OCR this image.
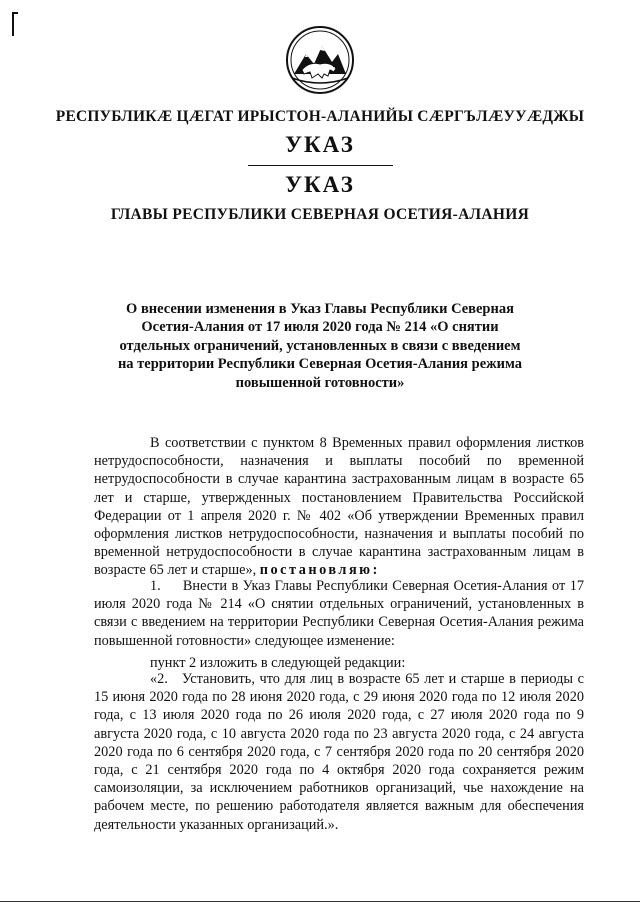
РЕСПУБЛИКӔ ЦӔГАТ ИРЫСТОН-АЛАНИЙЫ СӔРГЪЛӔУУӔДЖЫ
УКАЗ
УКАЗ
ГЛАВЫ РЕСПУБЛИКИ СЕВЕРНАЯ ОСЕТИЯ-АЛАНИЯ
О внесении изменения в Указ Главы Республики Северная Осетия-Алания от 17 июля 2020 года № 214 «О снятии отдельных ограничений, установленных в связи с введением на территории Республики Северная Осетия-Алания режима повышенной готовности»
В соответствии с пунктом 8 Временных правил оформления листков нетрудоспособности, назначения и выплаты пособий по временной нетрудоспособности в случае карантина застрахованным лицам в возрасте 65 лет и старше, утвержденных постановлением Правительства Российской Федерации от 1 апреля 2020 г. № 402 «Об утверждении Временных правил оформления листков нетрудоспособности, назначения и выплаты пособий по временной нетрудоспособности в случае карантина застрахованным лицам в возрасте 65 лет и старше», постановляю:
1.     Внести в Указ Главы Республики Северная Осетия-Алания от 17 июля 2020 года № 214 «О снятии отдельных ограничений, установленных в связи с введением на территории Республики Северная Осетия-Алания режима повышенной готовности» следующее изменение:
пункт 2 изложить в следующей редакции:
«2.   Установить, что для лиц в возрасте 65 лет и старше в периоды с 15 июня 2020 года по 28 июня 2020 года, с 29 июня 2020 года по 12 июля 2020 года, с 13 июля 2020 года по 26 июля 2020 года, с 27 июля 2020 года по 9 августа 2020 года, с 10 августа 2020 года по 23 августа 2020 года, с 24 августа 2020 года по 6 сентября 2020 года, с 7 сентября 2020 года по 20 сентября 2020 года, с 21 сентября 2020 года по 4 октября 2020 года сохраняется режим самоизоляции, за исключением работников организаций, чье нахождение на рабочем месте, по решению работодателя является важным для обеспечения деятельности указанных организаций.».
